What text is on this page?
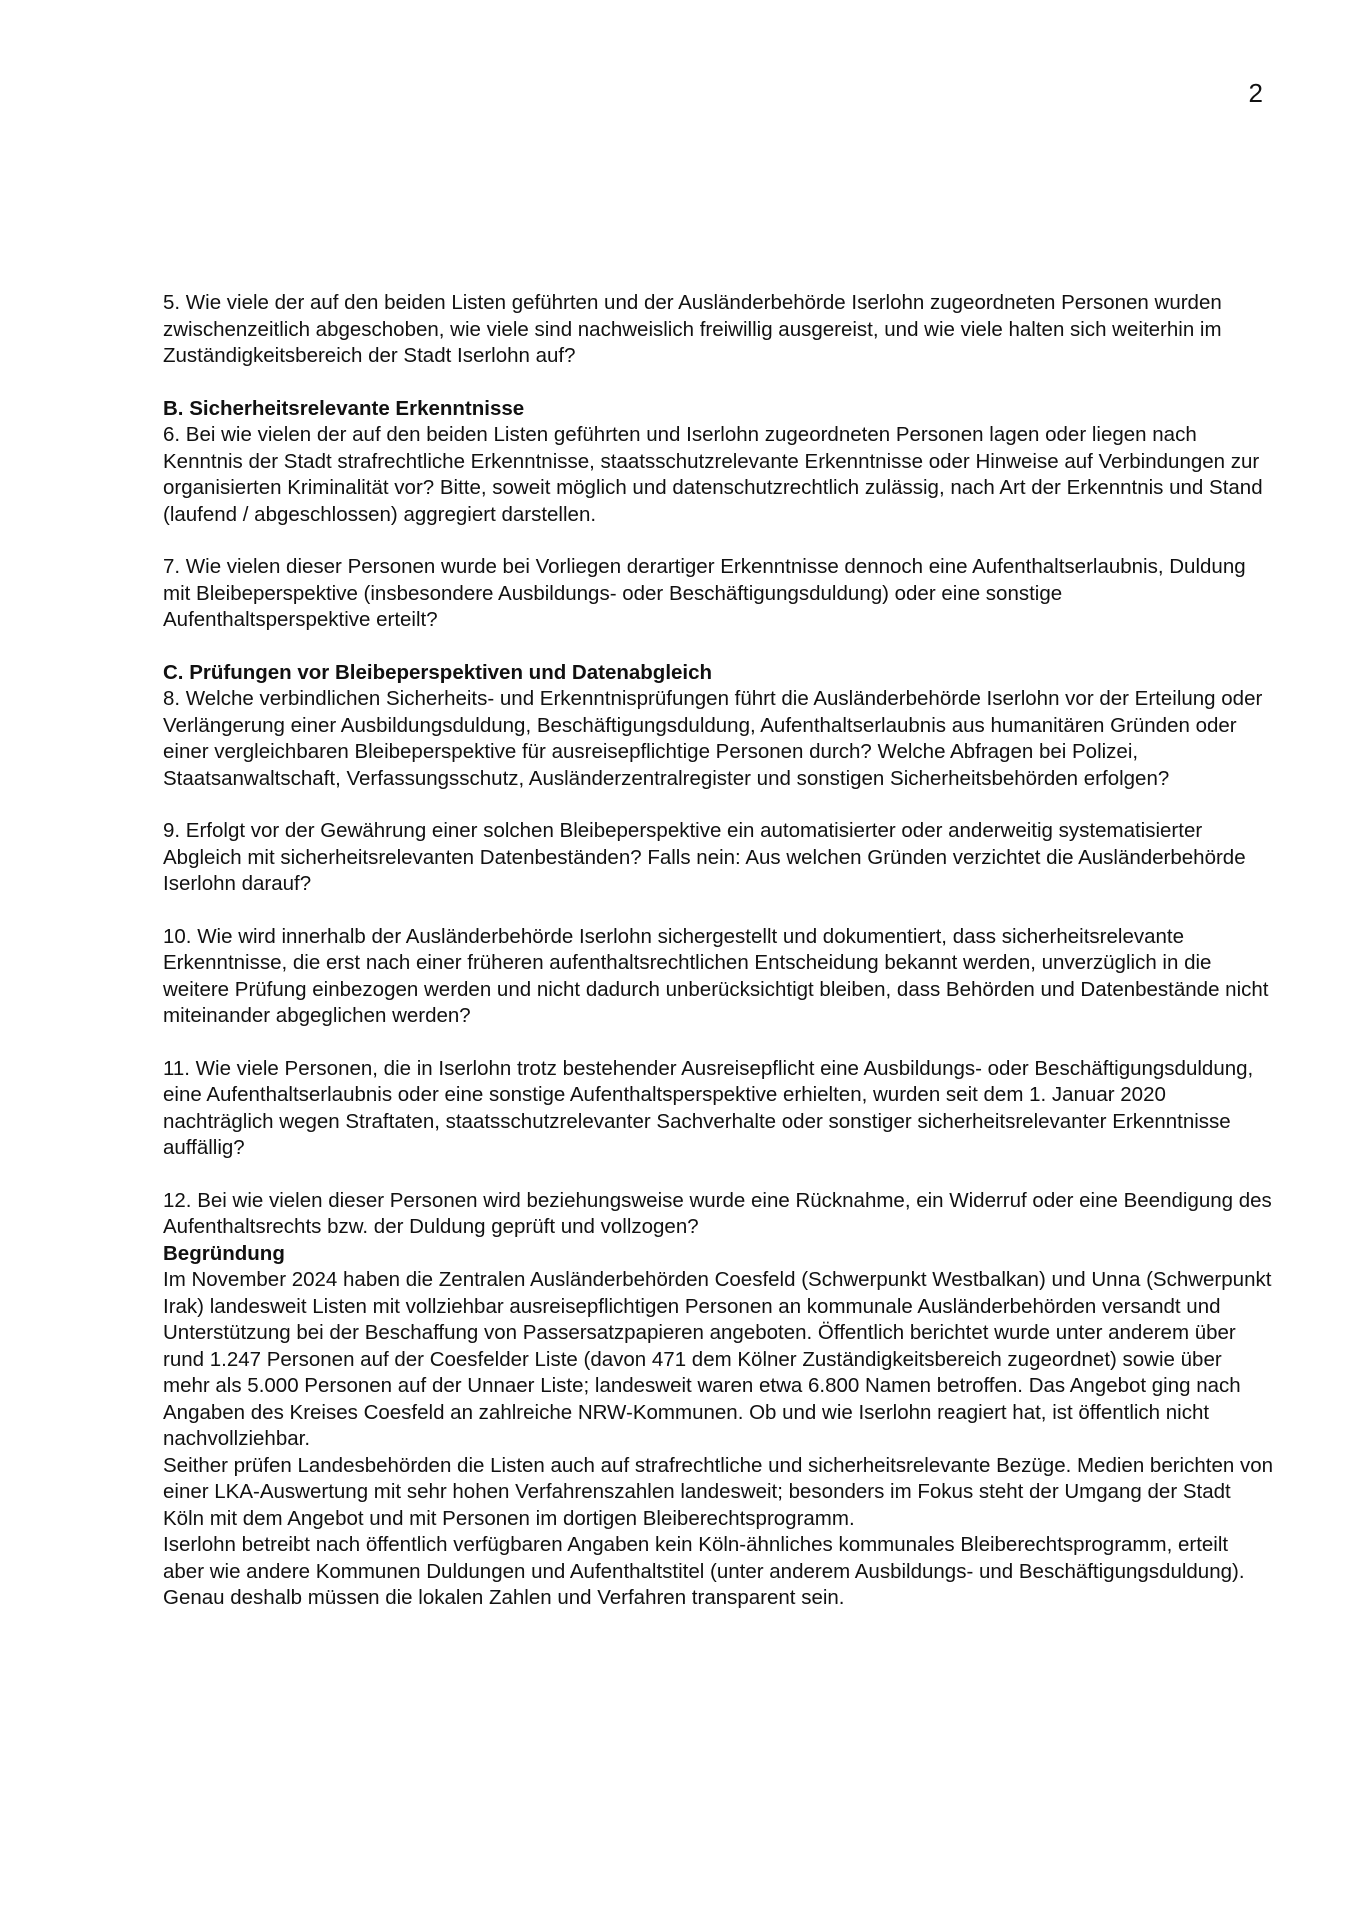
2

5. Wie viele der auf den beiden Listen geführten und der Ausländerbehörde Iserlohn zugeordneten Personen wurden zwischenzeitlich abgeschoben, wie viele sind nachweislich freiwillig ausgereist, und wie viele halten sich weiterhin im Zuständigkeitsbereich der Stadt Iserlohn auf?

B. Sicherheitsrelevante Erkenntnisse

6. Bei wie vielen der auf den beiden Listen geführten und Iserlohn zugeordneten Personen lagen oder liegen nach Kenntnis der Stadt strafrechtliche Erkenntnisse, staatsschutzrelevante Erkenntnisse oder Hinweise auf Verbindungen zur organisierten Kriminalität vor? Bitte, soweit möglich und datenschutzrechtlich zulässig, nach Art der Erkenntnis und Stand (laufend / abgeschlossen) aggregiert darstellen.

7. Wie vielen dieser Personen wurde bei Vorliegen derartiger Erkenntnisse dennoch eine Aufenthaltserlaubnis, Duldung mit Bleibeperspektive (insbesondere Ausbildungs- oder Beschäftigungsduldung) oder eine sonstige Aufenthaltsperspektive erteilt?

C. Prüfungen vor Bleibeperspektiven und Datenabgleich

8. Welche verbindlichen Sicherheits- und Erkenntnisprüfungen führt die Ausländerbehörde Iserlohn vor der Erteilung oder Verlängerung einer Ausbildungsduldung, Beschäftigungsduldung, Aufenthaltserlaubnis aus humanitären Gründen oder einer vergleichbaren Bleibeperspektive für ausreisepflichtige Personen durch? Welche Abfragen bei Polizei, Staatsanwaltschaft, Verfassungsschutz, Ausländerzentralregister und sonstigen Sicherheitsbehörden erfolgen?

9. Erfolgt vor der Gewährung einer solchen Bleibeperspektive ein automatisierter oder anderweitig systematisierter Abgleich mit sicherheitsrelevanten Datenbeständen? Falls nein: Aus welchen Gründen verzichtet die Ausländerbehörde Iserlohn darauf?

10. Wie wird innerhalb der Ausländerbehörde Iserlohn sichergestellt und dokumentiert, dass sicherheitsrelevante Erkenntnisse, die erst nach einer früheren aufenthaltsrechtlichen Entscheidung bekannt werden, unverzüglich in die weitere Prüfung einbezogen werden und nicht dadurch unberücksichtigt bleiben, dass Behörden und Datenbestände nicht miteinander abgeglichen werden?

11. Wie viele Personen, die in Iserlohn trotz bestehender Ausreisepflicht eine Ausbildungs- oder Beschäftigungsduldung, eine Aufenthaltserlaubnis oder eine sonstige Aufenthaltsperspektive erhielten, wurden seit dem 1. Januar 2020 nachträglich wegen Straftaten, staatsschutzrelevanter Sachverhalte oder sonstiger sicherheitsrelevanter Erkenntnisse auffällig?

12. Bei wie vielen dieser Personen wird beziehungsweise wurde eine Rücknahme, ein Widerruf oder eine Beendigung des Aufenthaltsrechts bzw. der Duldung geprüft und vollzogen?

Begründung

Im November 2024 haben die Zentralen Ausländerbehörden Coesfeld (Schwerpunkt Westbalkan) und Unna (Schwerpunkt Irak) landesweit Listen mit vollziehbar ausreisepflichtigen Personen an kommunale Ausländerbehörden versandt und Unterstützung bei der Beschaffung von Passersatzpapieren angeboten. Öffentlich berichtet wurde unter anderem über rund 1.247 Personen auf der Coesfelder Liste (davon 471 dem Kölner Zuständigkeitsbereich zugeordnet) sowie über mehr als 5.000 Personen auf der Unnaer Liste; landesweit waren etwa 6.800 Namen betroffen. Das Angebot ging nach Angaben des Kreises Coesfeld an zahlreiche NRW-Kommunen. Ob und wie Iserlohn reagiert hat, ist öffentlich nicht nachvollziehbar.

Seither prüfen Landesbehörden die Listen auch auf strafrechtliche und sicherheitsrelevante Bezüge. Medien berichten von einer LKA-Auswertung mit sehr hohen Verfahrenszahlen landesweit; besonders im Fokus steht der Umgang der Stadt Köln mit dem Angebot und mit Personen im dortigen Bleiberechtsprogramm.

Iserlohn betreibt nach öffentlich verfügbaren Angaben kein Köln-ähnliches kommunales Bleiberechtsprogramm, erteilt aber wie andere Kommunen Duldungen und Aufenthaltstitel (unter anderem Ausbildungs- und Beschäftigungsduldung). Genau deshalb müssen die lokalen Zahlen und Verfahren transparent sein.
